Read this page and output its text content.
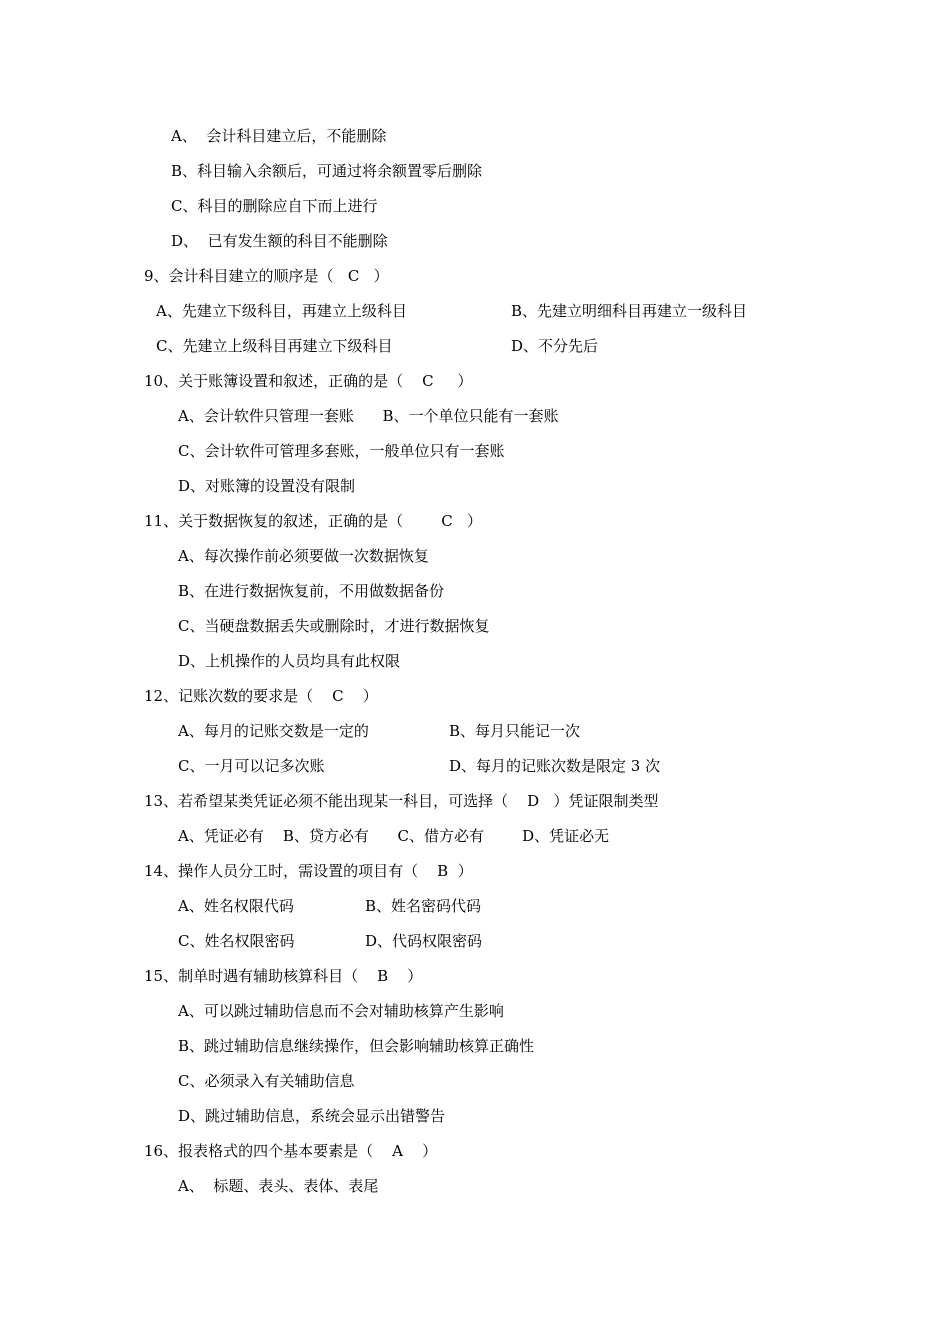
A、  会计科目建立后，不能删除
B、科目输入余额后，可通过将余额置零后删除
C、科目的删除应自下而上进行
D、  已有发生额的科目不能删除
9、会计科目建立的顺序是（   C   ）
A、先建立下级科目，再建立上级科目	B、先建立明细科目再建立一级科目
C、先建立上级科目再建立下级科目	D、不分先后
10、关于账簿设置和叙述，正确的是（    C     ）
A、会计软件只管理一套账      B、一个单位只能有一套账
C、会计软件可管理多套账，一般单位只有一套账
D、对账簿的设置没有限制
11、关于数据恢复的叙述，正确的是（        C   ）
A、每次操作前必须要做一次数据恢复
B、在进行数据恢复前，不用做数据备份
C、当硬盘数据丢失或删除时，才进行数据恢复
D、上机操作的人员均具有此权限
12、记账次数的要求是（    C    ）
A、每月的记账交数是一定的	B、每月只能记一次
C、一月可以记多次账	D、每月的记账次数是限定 3 次
13、若希望某类凭证必须不能出现某一科目，可选择（    D   ）凭证限制类型
A、凭证必有    B、贷方必有      C、借方必有        D、凭证必无
14、操作人员分工时，需设置的项目有（    B  ）
A、姓名权限代码	B、姓名密码代码
C、姓名权限密码	D、代码权限密码
15、制单时遇有辅助核算科目（    B    ）
A、可以跳过辅助信息而不会对辅助核算产生影响
B、跳过辅助信息继续操作，但会影响辅助核算正确性
C、必须录入有关辅助信息
D、跳过辅助信息，系统会显示出错警告
16、报表格式的四个基本要素是（    A    ）
A、  标题、表头、表体、表尾
